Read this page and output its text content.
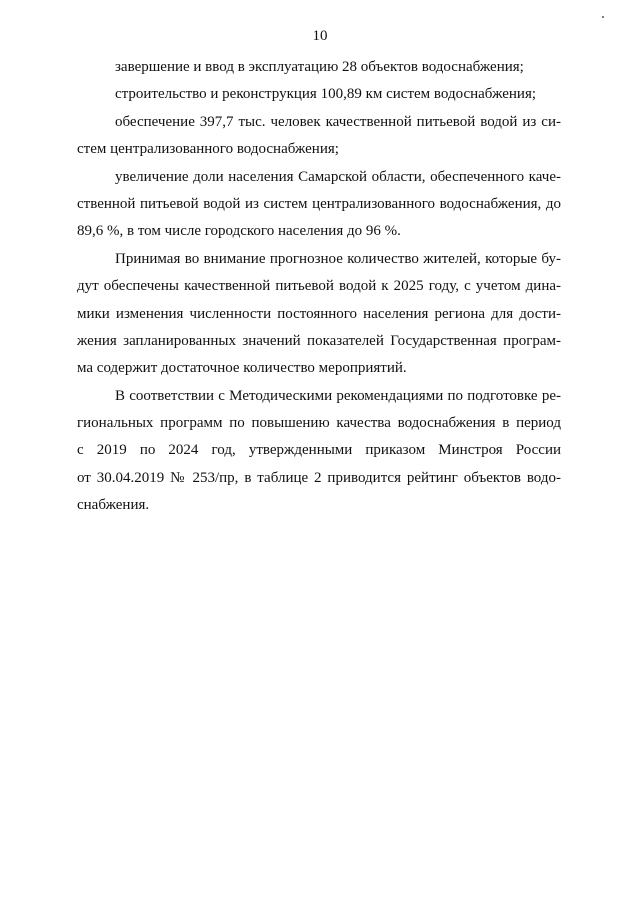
10
завершение и ввод в эксплуатацию 28 объектов водоснабжения;
строительство и реконструкция 100,89 км систем водоснабжения;
обеспечение 397,7 тыс. человек качественной питьевой водой из си-
стем централизованного водоснабжения;
увеличение доли населения Самарской области, обеспеченного каче-
ственной питьевой водой из систем централизованного водоснабжения, до
89,6 %, в том числе городского населения до 96 %.
Принимая во внимание прогнозное количество жителей, которые бу-
дут обеспечены качественной питьевой водой к 2025 году, с учетом дина-
мики изменения численности постоянного населения региона для дости-
жения запланированных значений показателей Государственная програм-
ма содержит достаточное количество мероприятий.
В соответствии с Методическими рекомендациями по подготовке ре-
гиональных программ по повышению качества водоснабжения в период
с 2019 по 2024 год, утвержденными приказом Минстроя России
от 30.04.2019 № 253/пр, в таблице 2 приводится рейтинг объектов водо-
снабжения.
